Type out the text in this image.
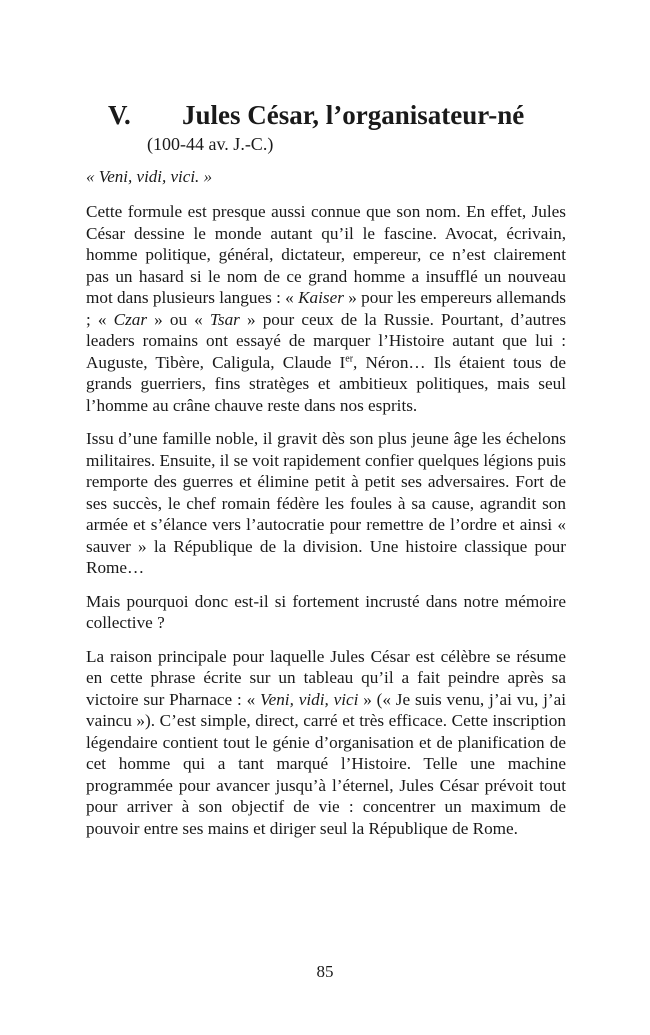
V. Jules César, l’organisateur-né
(100-44 av. J.-C.)
« Veni, vidi, vici. »

Cette formule est presque aussi connue que son nom. En effet, Jules César dessine le monde autant qu’il le fascine. Avocat, écrivain, homme politique, général, dictateur, empereur, ce n’est clairement pas un hasard si le nom de ce grand homme a insufflé un nouveau mot dans plusieurs langues : « Kaiser » pour les empereurs allemands ; « Czar » ou « Tsar » pour ceux de la Russie. Pourtant, d’autres leaders romains ont essayé de marquer l’Histoire autant que lui : Auguste, Tibère, Caligula, Claude Ier, Néron… Ils étaient tous de grands guerriers, fins stratèges et ambitieux politiques, mais seul l’homme au crâne chauve reste dans nos esprits.

Issu d’une famille noble, il gravit dès son plus jeune âge les échelons militaires. Ensuite, il se voit rapidement confier quelques légions puis remporte des guerres et élimine petit à petit ses adversaires. Fort de ses succès, le chef romain fédère les foules à sa cause, agrandit son armée et s’élance vers l’autocratie pour remettre de l’ordre et ainsi « sauver » la République de la division. Une histoire classique pour Rome…

Mais pourquoi donc est-il si fortement incrusté dans notre mémoire collective ?

La raison principale pour laquelle Jules César est célèbre se résume en cette phrase écrite sur un tableau qu’il a fait peindre après sa victoire sur Pharnace : « Veni, vidi, vici » (« Je suis venu, j’ai vu, j’ai vaincu »). C’est simple, direct, carré et très efficace. Cette inscription légendaire contient tout le génie d’organisation et de planification de cet homme qui a tant marqué l’Histoire. Telle une machine programmée pour avancer jusqu’à l’éternel, Jules César prévoit tout pour arriver à son objectif de vie : concentrer un maximum de pouvoir entre ses mains et diriger seul la République de Rome.

85
